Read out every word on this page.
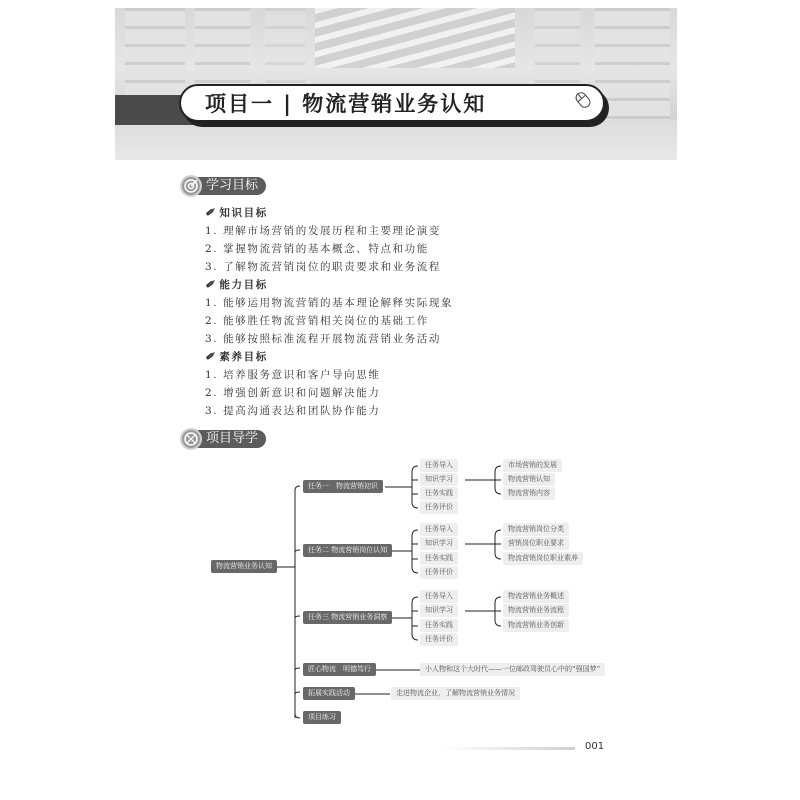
项目一 | 物流营销业务认知
学习目标
✐ 知识目标
1. 理解市场营销的发展历程和主要理论演变
2. 掌握物流营销的基本概念、特点和功能
3. 了解物流营销岗位的职责要求和业务流程
✐ 能力目标
1. 能够运用物流营销的基本理论解释实际现象
2. 能够胜任物流营销相关岗位的基础工作
3. 能够按照标准流程开展物流营销业务活动
✐ 素养目标
1. 培养服务意识和客户导向思维
2. 增强创新意识和问题解决能力
3. 提高沟通表达和团队协作能力
项目导学
物流营销业务认知
任务一　物流营销初识
任务二 物流营销岗位认知
任务三 物流营销业务洞察
任务导入
知识学习
任务实践
任务评价
市场营销的发展
物流营销认知
物流营销内容
任务导入
知识学习
任务实践
任务评价
物流营销岗位分类
营销岗位职业要求
物流营销岗位职业素养
任务导入
知识学习
任务实践
任务评价
物流营销业务概述
物流营销业务流程
物流营销业务创新
匠心物流　明德笃行	小人物和这个大时代——一位邮政驾驶员心中的“强国梦”
拓展实践活动	走进物流企业，了解物流营销业务情况
项目练习
001
